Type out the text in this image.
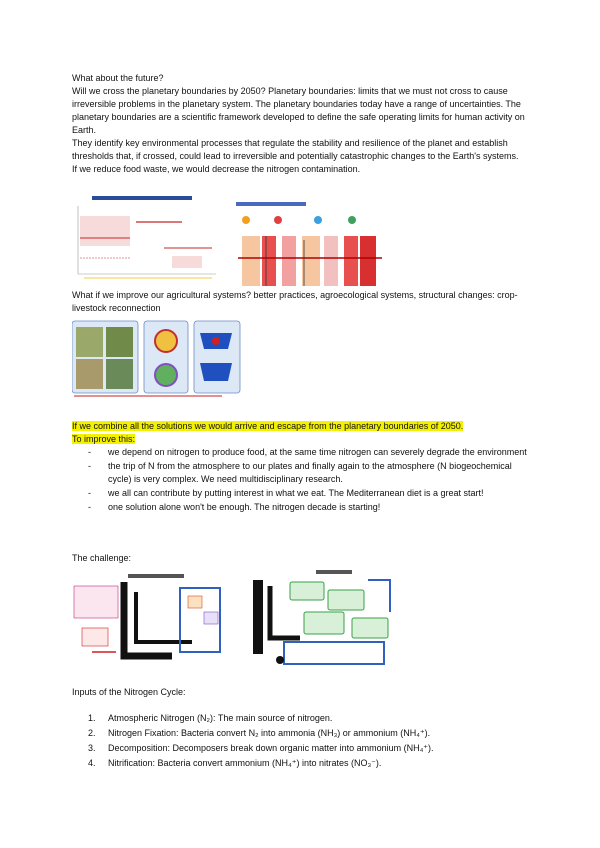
What about the future?

Will we cross the planetary boundaries by 2050? Planetary boundaries: limits that we must not cross to cause irreversible problems in the planetary system. The planetary boundaries today have a range of uncertainties. The planetary boundaries are a scientific framework developed to define the safe operating limits for human activity on Earth.

They identify key environmental processes that regulate the stability and resilience of the planet and establish thresholds that, if crossed, could lead to irreversible and potentially catastrophic changes to the Earth's systems.

If we reduce food waste, we would decrease the nitrogen contamination.

What if we improve our agricultural systems? better practices, agroecological systems, structural changes: crop-livestock reconnection

If we combine all the solutions we would arrive and escape from the planetary boundaries of 2050.

To improve this:

- we depend on nitrogen to produce food, at the same time nitrogen can severely degrade the environment
- the trip of N from the atmosphere to our plates and finally again to the atmosphere (N biogeochemical cycle) is very complex. We need multidisciplinary research.
- we all can contribute by putting interest in what we eat. The Mediterranean diet is a great start!
- one solution alone won't be enough. The nitrogen decade is starting!

The challenge:

Inputs of the Nitrogen Cycle:

1. Atmospheric Nitrogen (N₂): The main source of nitrogen.
2. Nitrogen Fixation: Bacteria convert N₂ into ammonia (NH₃) or ammonium (NH₄⁺).
3. Decomposition: Decomposers break down organic matter into ammonium (NH₄⁺).
4. Nitrification: Bacteria convert ammonium (NH₄⁺) into nitrates (NO₃⁻).
